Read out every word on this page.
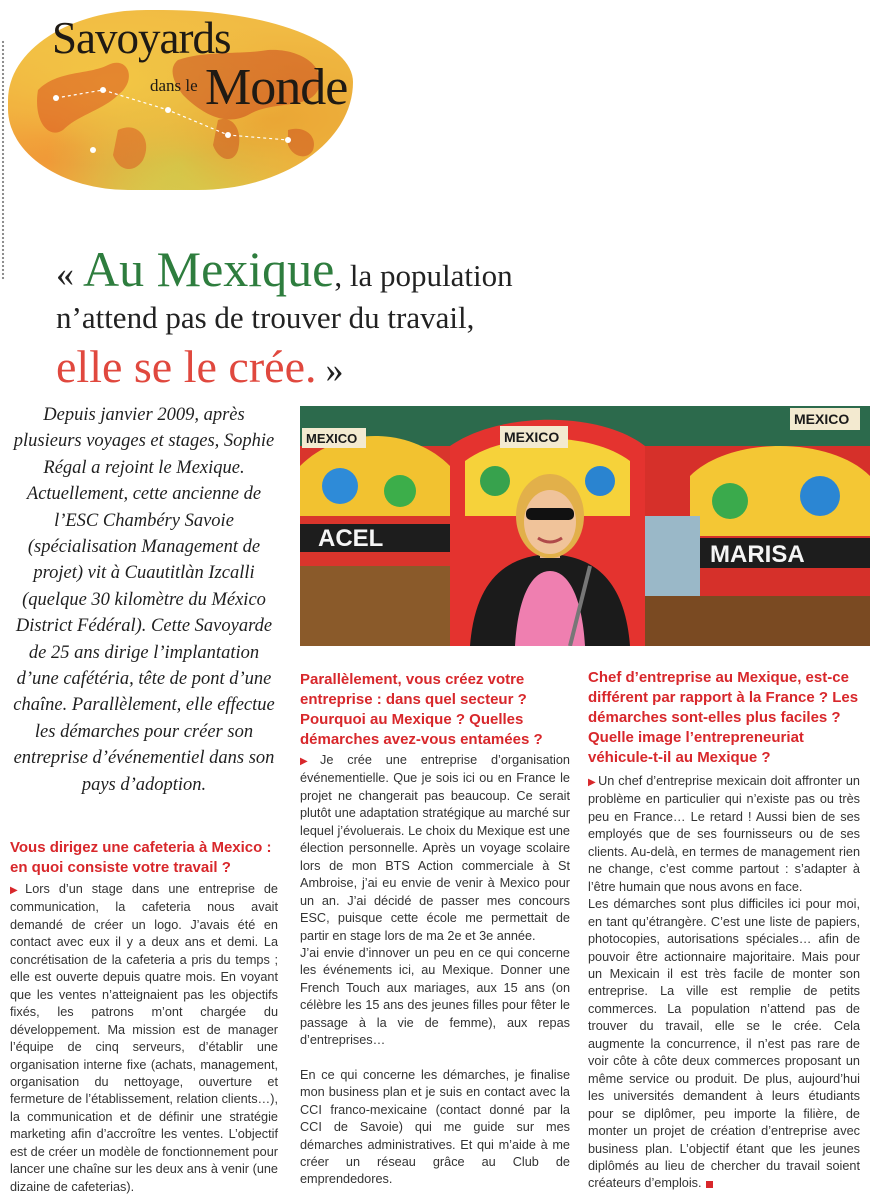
Savoyards
dans le Monde
« Au Mexique, la population
n’attend pas de trouver du travail,
elle se le crée. »
Depuis janvier 2009, après plusieurs voyages et stages, Sophie Régal a rejoint le Mexique. Actuellement, cette ancienne de l’ESC Chambéry Savoie (spécialisation Management de projet) vit à Cuautitlàn Izcalli (quelque 30 kilomètre du México District Fédéral). Cette Savoyarde de 25 ans dirige l’implantation d’une cafétéria, tête de pont d’une chaîne. Parallèlement, elle effectue les démarches pour créer son entreprise d’événementiel dans son pays d’adoption.
ACEL
MEXICO	MEXICO
MARISA
MEXICO
Vous dirigez une cafeteria à Mexico : en quoi consiste votre travail ?

▶ Lors d’un stage dans une entreprise de communication, la cafeteria nous avait demandé de créer un logo. J’avais été en contact avec eux il y a deux ans et demi. La concrétisation de la cafeteria a pris du temps ; elle est ouverte depuis quatre mois. En voyant que les ventes n’atteignaient pas les objectifs fixés, les patrons m’ont chargée du développement. Ma mission est de manager l’équipe de cinq serveurs, d’établir une organisation interne fixe (achats, management, organisation du nettoyage, ouverture et fermeture de l’établissement, relation clients…), la communication et de définir une stratégie marketing afin d’accroître les ventes. L’objectif est de créer un modèle de fonctionnement pour lancer une chaîne sur les deux ans à venir (une dizaine de cafeterias).

Parallèlement, vous créez votre entreprise : dans quel secteur ? Pourquoi au Mexique ? Quelles démarches avez-vous entamées ?

▶ Je crée une entreprise d’organisation événementielle. Que je sois ici ou en France le projet ne changerait pas beaucoup. Ce serait plutôt une adaptation stratégique au marché sur lequel j’évoluerais. Le choix du Mexique est une élection personnelle. Après un voyage scolaire lors de mon BTS Action commerciale à St Ambroise, j’ai eu envie de venir à Mexico pour un an. J’ai décidé de passer mes concours ESC, puisque cette école me permettait de partir en stage lors de ma 2e et 3e année.

J’ai envie d’innover un peu en ce qui concerne les événements ici, au Mexique. Donner une French Touch aux mariages, aux 15 ans (on célèbre les 15 ans des jeunes filles pour fêter le passage à la vie de femme), aux repas d’entreprises…

En ce qui concerne les démarches, je finalise mon business plan et je suis en contact avec la CCI franco-mexicaine (contact donné par la CCI de Savoie) qui me guide sur mes démarches administratives. Et qui m’aide à me créer un réseau grâce au Club de emprendedores.

Chef d’entreprise au Mexique, est-ce différent par rapport à la France ? Les démarches sont-elles plus faciles ? Quelle image l’entrepreneuriat véhicule-t-il au Mexique ?

▶ Un chef d’entreprise mexicain doit affronter un problème en particulier qui n’existe pas ou très peu en France… Le retard ! Aussi bien de ses employés que de ses fournisseurs ou de ses clients. Au-delà, en termes de management rien ne change, c’est comme partout : s’adapter à l’être humain que nous avons en face.

Les démarches sont plus difficiles ici pour moi, en tant qu’étrangère. C’est une liste de papiers, photocopies, autorisations spéciales… afin de pouvoir être actionnaire majoritaire. Mais pour un Mexicain il est très facile de monter son entreprise. La ville est remplie de petits commerces. La population n’attend pas de trouver du travail, elle se le crée. Cela augmente la concurrence, il n’est pas rare de voir côte à côte deux commerces proposant un même service ou produit. De plus, aujourd’hui les universités demandent à leurs étudiants pour se diplômer, peu importe la filière, de monter un projet de création d’entreprise avec business plan. L’objectif étant que les jeunes diplômés au lieu de chercher du travail soient créateurs d’emplois.
